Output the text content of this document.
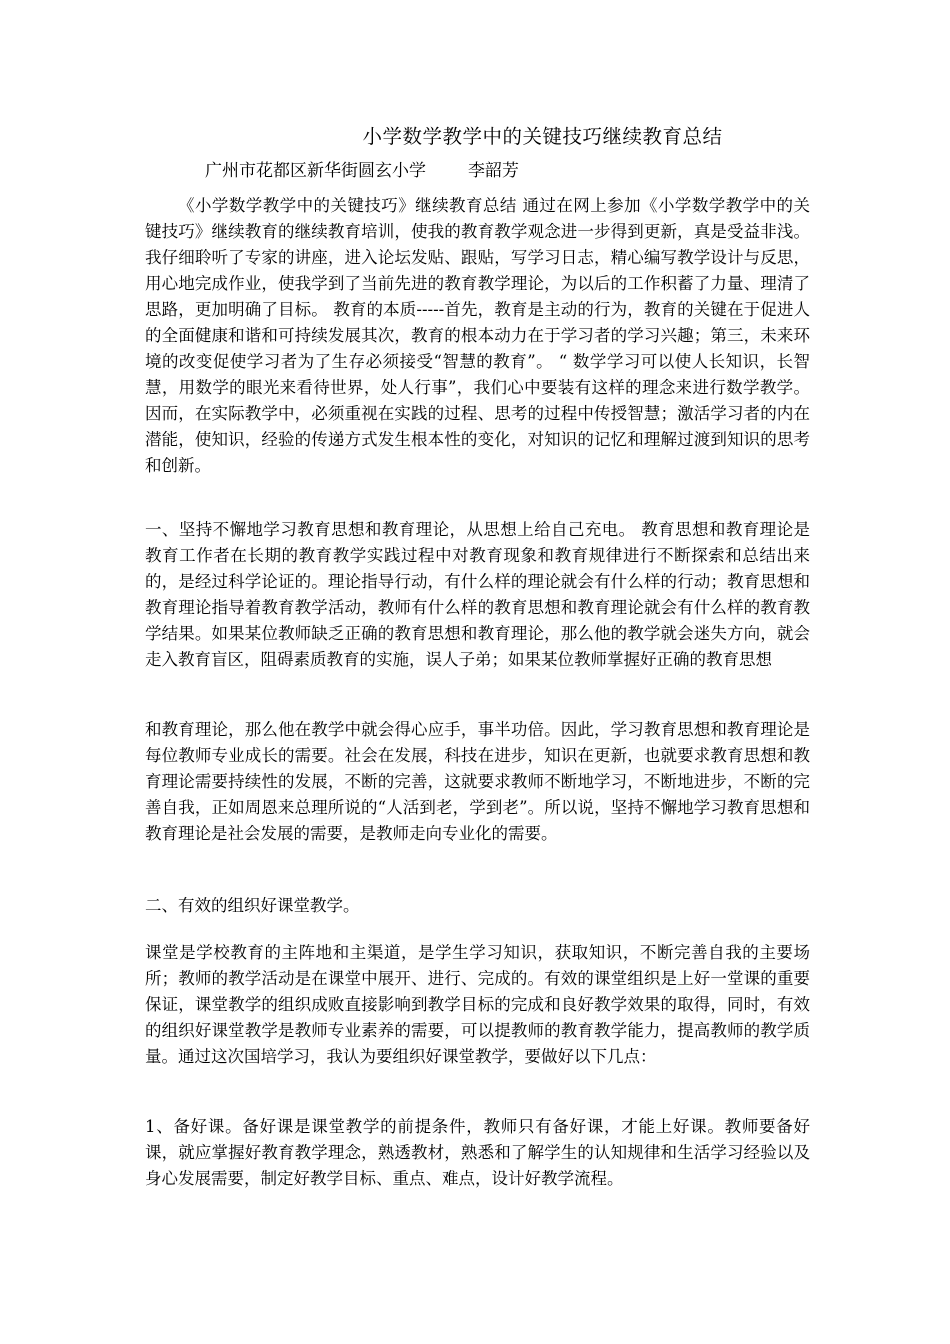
小学数学教学中的关键技巧继续教育总结
广州市花都区新华街圆玄小学 李韶芳

《小学数学教学中的关键技巧》继续教育总结 通过在网上参加《小学数学教学中的关键技巧》继续教育的继续教育培训，使我的教育教学观念进一步得到更新，真是受益非浅。我仔细聆听了专家的讲座，进入论坛发贴、跟贴，写学习日志，精心编写教学设计与反思，用心地完成作业，使我学到了当前先进的教育教学理论，为以后的工作积蓄了力量、理清了思路，更加明确了目标。 教育的本质-----首先，教育是主动的行为，教育的关键在于促进人的全面健康和谐和可持续发展其次，教育的根本动力在于学习者的学习兴趣；第三，未来环境的改变促使学习者为了生存必须接受“智慧的教育”。 “ 数学学习可以使人长知识，长智慧，用数学的眼光来看待世界，处人行事”，我们心中要装有这样的理念来进行数学教学。因而，在实际教学中，必须重视在实践的过程、思考的过程中传授智慧；激活学习者的内在潜能，使知识，经验的传递方式发生根本性的变化，对知识的记忆和理解过渡到知识的思考和创新。

一、坚持不懈地学习教育思想和教育理论，从思想上给自己充电。 教育思想和教育理论是教育工作者在长期的教育教学实践过程中对教育现象和教育规律进行不断探索和总结出来的，是经过科学论证的。理论指导行动，有什么样的理论就会有什么样的行动；教育思想和教育理论指导着教育教学活动，教师有什么样的教育思想和教育理论就会有什么样的教育教学结果。如果某位教师缺乏正确的教育思想和教育理论，那么他的教学就会迷失方向，就会走入教育盲区，阻碍素质教育的实施，误人子弟；如果某位教师掌握好正确的教育思想

和教育理论，那么他在教学中就会得心应手，事半功倍。因此，学习教育思想和教育理论是每位教师专业成长的需要。社会在发展，科技在进步，知识在更新，也就要求教育思想和教育理论需要持续性的发展，不断的完善，这就要求教师不断地学习，不断地进步，不断的完善自我，正如周恩来总理所说的“人活到老，学到老”。所以说，坚持不懈地学习教育思想和教育理论是社会发展的需要，是教师走向专业化的需要。

二、有效的组织好课堂教学。

课堂是学校教育的主阵地和主渠道，是学生学习知识，获取知识，不断完善自我的主要场所；教师的教学活动是在课堂中展开、进行、完成的。有效的课堂组织是上好一堂课的重要保证，课堂教学的组织成败直接影响到教学目标的完成和良好教学效果的取得，同时，有效的组织好课堂教学是教师专业素养的需要，可以提教师的教育教学能力，提高教师的教学质量。通过这次国培学习，我认为要组织好课堂教学，要做好以下几点：

1、备好课。备好课是课堂教学的前提条件，教师只有备好课，才能上好课。教师要备好课，就应掌握好教育教学理念，熟透教材，熟悉和了解学生的认知规律和生活学习经验以及身心发展需要，制定好教学目标、重点、难点，设计好教学流程。
